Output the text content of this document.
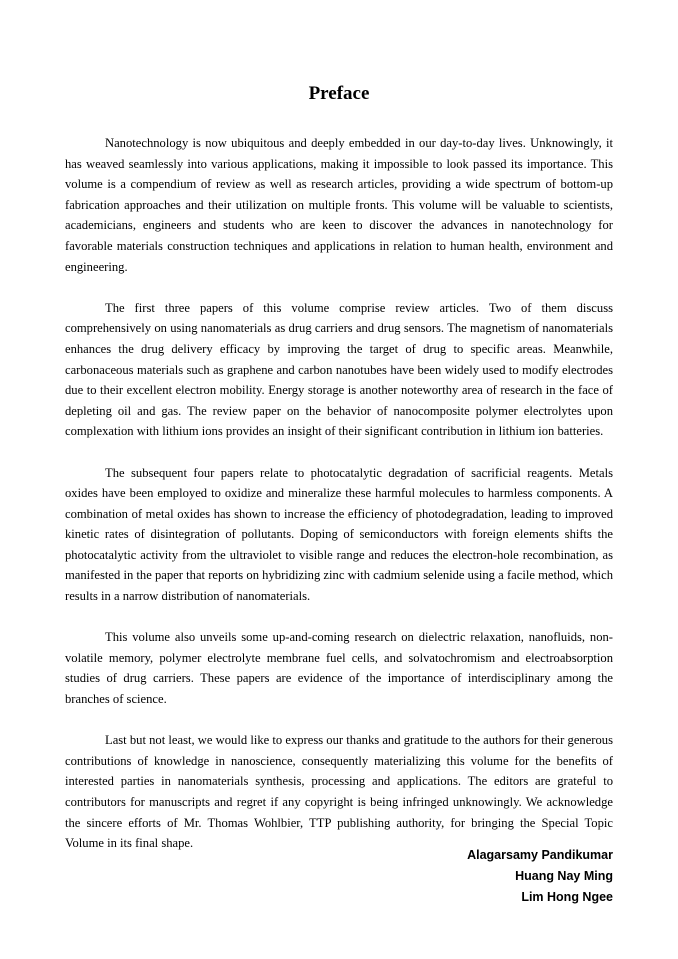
Preface

Nanotechnology is now ubiquitous and deeply embedded in our day-to-day lives. Unknowingly, it has weaved seamlessly into various applications, making it impossible to look passed its importance. This volume is a compendium of review as well as research articles, providing a wide spectrum of bottom-up fabrication approaches and their utilization on multiple fronts. This volume will be valuable to scientists, academicians, engineers and students who are keen to discover the advances in nanotechnology for favorable materials construction techniques and applications in relation to human health, environment and engineering.

The first three papers of this volume comprise review articles. Two of them discuss comprehensively on using nanomaterials as drug carriers and drug sensors. The magnetism of nanomaterials enhances the drug delivery efficacy by improving the target of drug to specific areas. Meanwhile, carbonaceous materials such as graphene and carbon nanotubes have been widely used to modify electrodes due to their excellent electron mobility. Energy storage is another noteworthy area of research in the face of depleting oil and gas. The review paper on the behavior of nanocomposite polymer electrolytes upon complexation with lithium ions provides an insight of their significant contribution in lithium ion batteries.

The subsequent four papers relate to photocatalytic degradation of sacrificial reagents. Metals oxides have been employed to oxidize and mineralize these harmful molecules to harmless components. A combination of metal oxides has shown to increase the efficiency of photodegradation, leading to improved kinetic rates of disintegration of pollutants. Doping of semiconductors with foreign elements shifts the photocatalytic activity from the ultraviolet to visible range and reduces the electron-hole recombination, as manifested in the paper that reports on hybridizing zinc with cadmium selenide using a facile method, which results in a narrow distribution of nanomaterials.

This volume also unveils some up-and-coming research on dielectric relaxation, nanofluids, non-volatile memory, polymer electrolyte membrane fuel cells, and solvatochromism and electroabsorption studies of drug carriers. These papers are evidence of the importance of interdisciplinary among the branches of science.

Last but not least, we would like to express our thanks and gratitude to the authors for their generous contributions of knowledge in nanoscience, consequently materializing this volume for the benefits of interested parties in nanomaterials synthesis, processing and applications. The editors are grateful to contributors for manuscripts and regret if any copyright is being infringed unknowingly. We acknowledge the sincere efforts of Mr. Thomas Wohlbier, TTP publishing authority, for bringing the Special Topic Volume in its final shape.

Alagarsamy Pandikumar
Huang Nay Ming
Lim Hong Ngee
